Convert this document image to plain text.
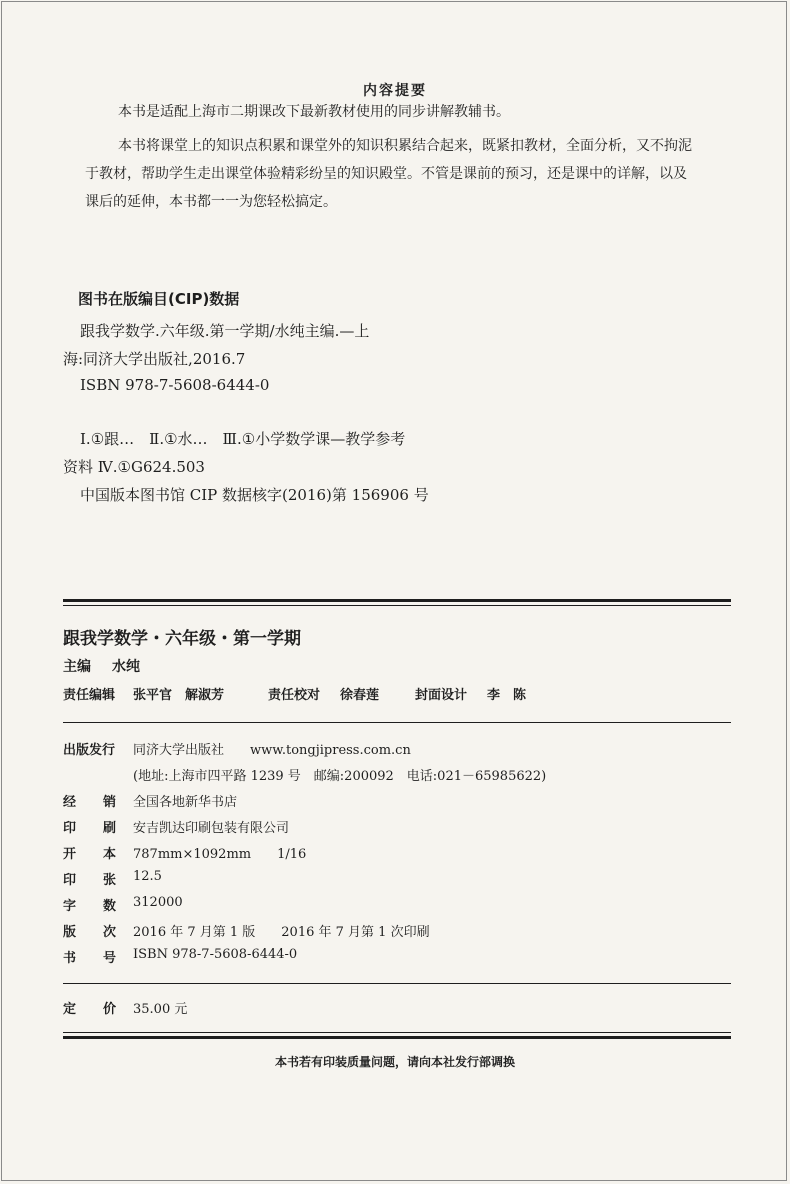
内容提要
本书是适配上海市二期课改下最新教材使用的同步讲解教辅书。
本书将课堂上的知识点积累和课堂外的知识积累结合起来，既紧扣教材，全面分析，又不拘泥
于教材，帮助学生走出课堂体验精彩纷呈的知识殿堂。不管是课前的预习，还是课中的详解，以及
课后的延伸，本书都一一为您轻松搞定。
图书在版编目(CIP)数据
跟我学数学.六年级.第一学期/水纯主编.—上
海:同济大学出版社,2016.7
ISBN 978-7-5608-6444-0
Ⅰ.①跟…　Ⅱ.①水…　Ⅲ.①小学数学课—教学参考
资料 Ⅳ.①G624.503
中国版本图书馆 CIP 数据核字(2016)第 156906 号
跟我学数学・六年级・第一学期
主编 水纯
责任编辑 张平官　解淑芳	责任校对 徐春莲	封面设计 李　陈
出版发行 同济大学出版社　　www.tongjipress.com.cn
(地址:上海市四平路 1239 号　邮编:200092　电话:021－65985622)
经 销 全国各地新华书店
印 刷 安吉凯达印刷包装有限公司
开 本 787mm×1092mm　　1/16
印 张 12.5
字 数 312000
版 次 2016 年 7 月第 1 版　　2016 年 7 月第 1 次印刷
书 号 ISBN 978-7-5608-6444-0
定 价 35.00 元
本书若有印装质量问题，请向本社发行部调换
